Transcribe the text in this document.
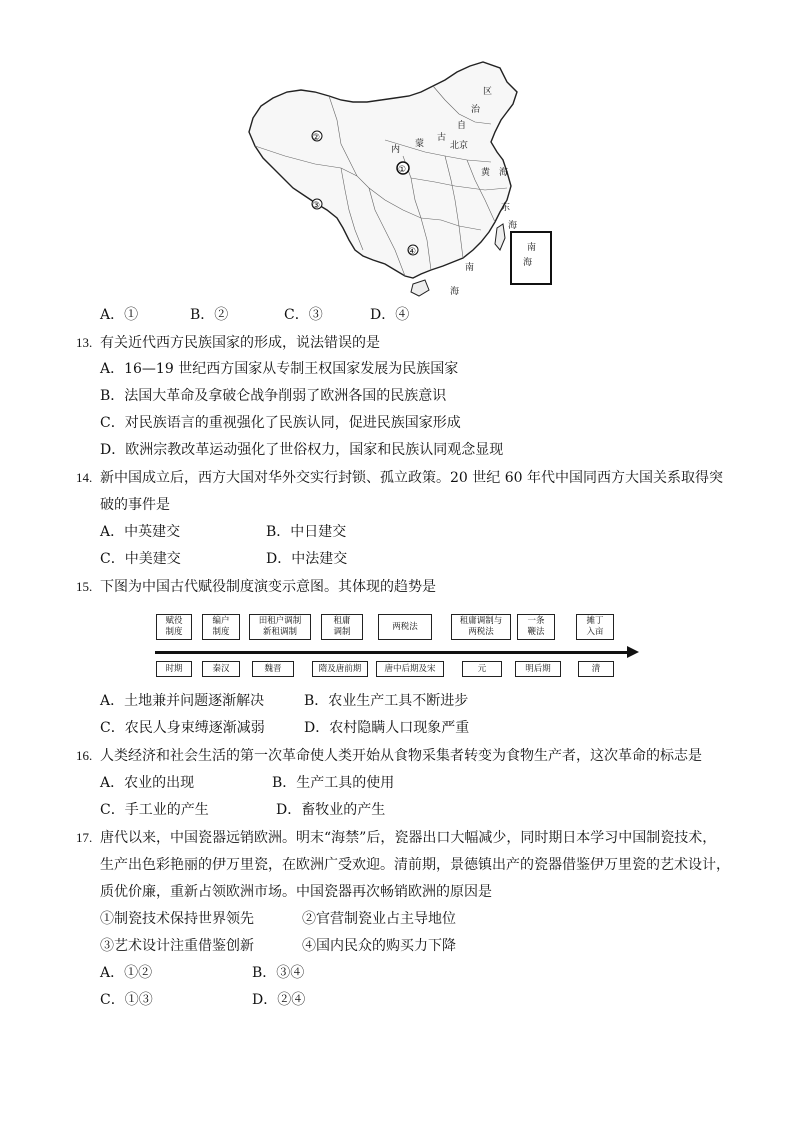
南
海
②
③
①
④
内
蒙
古
自
治
区
北京
黄 海
东
海
南
海
A．①	B．②	C．③	D．④
13. 有关近代西方民族国家的形成，说法错误的是
A．16—19 世纪西方国家从专制王权国家发展为民族国家
B．法国大革命及拿破仑战争削弱了欧洲各国的民族意识
C．对民族语言的重视强化了民族认同，促进民族国家形成
D．欧洲宗教改革运动强化了世俗权力，国家和民族认同观念显现
14. 新中国成立后，西方大国对华外交实行封锁、孤立政策。20 世纪 60 年代中国同西方大国关系取得突
破的事件是
A．中英建交	B．中日建交
C．中美建交	D．中法建交
15. 下图为中国古代赋役制度演变示意图。其体现的趋势是
赋役
制度
编户
制度
田租户调制
新租调制
租庸
调制
两税法
租庸调制与
两税法
一条
鞭法
摊丁
入亩
时期	秦汉	魏晋	隋及唐前期	唐中后期及宋	元	明后期	清
A．土地兼并问题逐渐解决	B．农业生产工具不断进步
C．农民人身束缚逐渐减弱	D．农村隐瞒人口现象严重
16. 人类经济和社会生活的第一次革命使人类开始从食物采集者转变为食物生产者，这次革命的标志是
A．农业的出现	B．生产工具的使用
C．手工业的产生	D．畜牧业的产生
17. 唐代以来，中国瓷器远销欧洲。明末“海禁”后，瓷器出口大幅减少，同时期日本学习中国制瓷技术，
生产出色彩艳丽的伊万里瓷，在欧洲广受欢迎。清前期，景德镇出产的瓷器借鉴伊万里瓷的艺术设计，
质优价廉，重新占领欧洲市场。中国瓷器再次畅销欧洲的原因是
①制瓷技术保持世界领先	②官营制瓷业占主导地位
③艺术设计注重借鉴创新	④国内民众的购买力下降
A．①②	B．③④
C．①③	D．②④
